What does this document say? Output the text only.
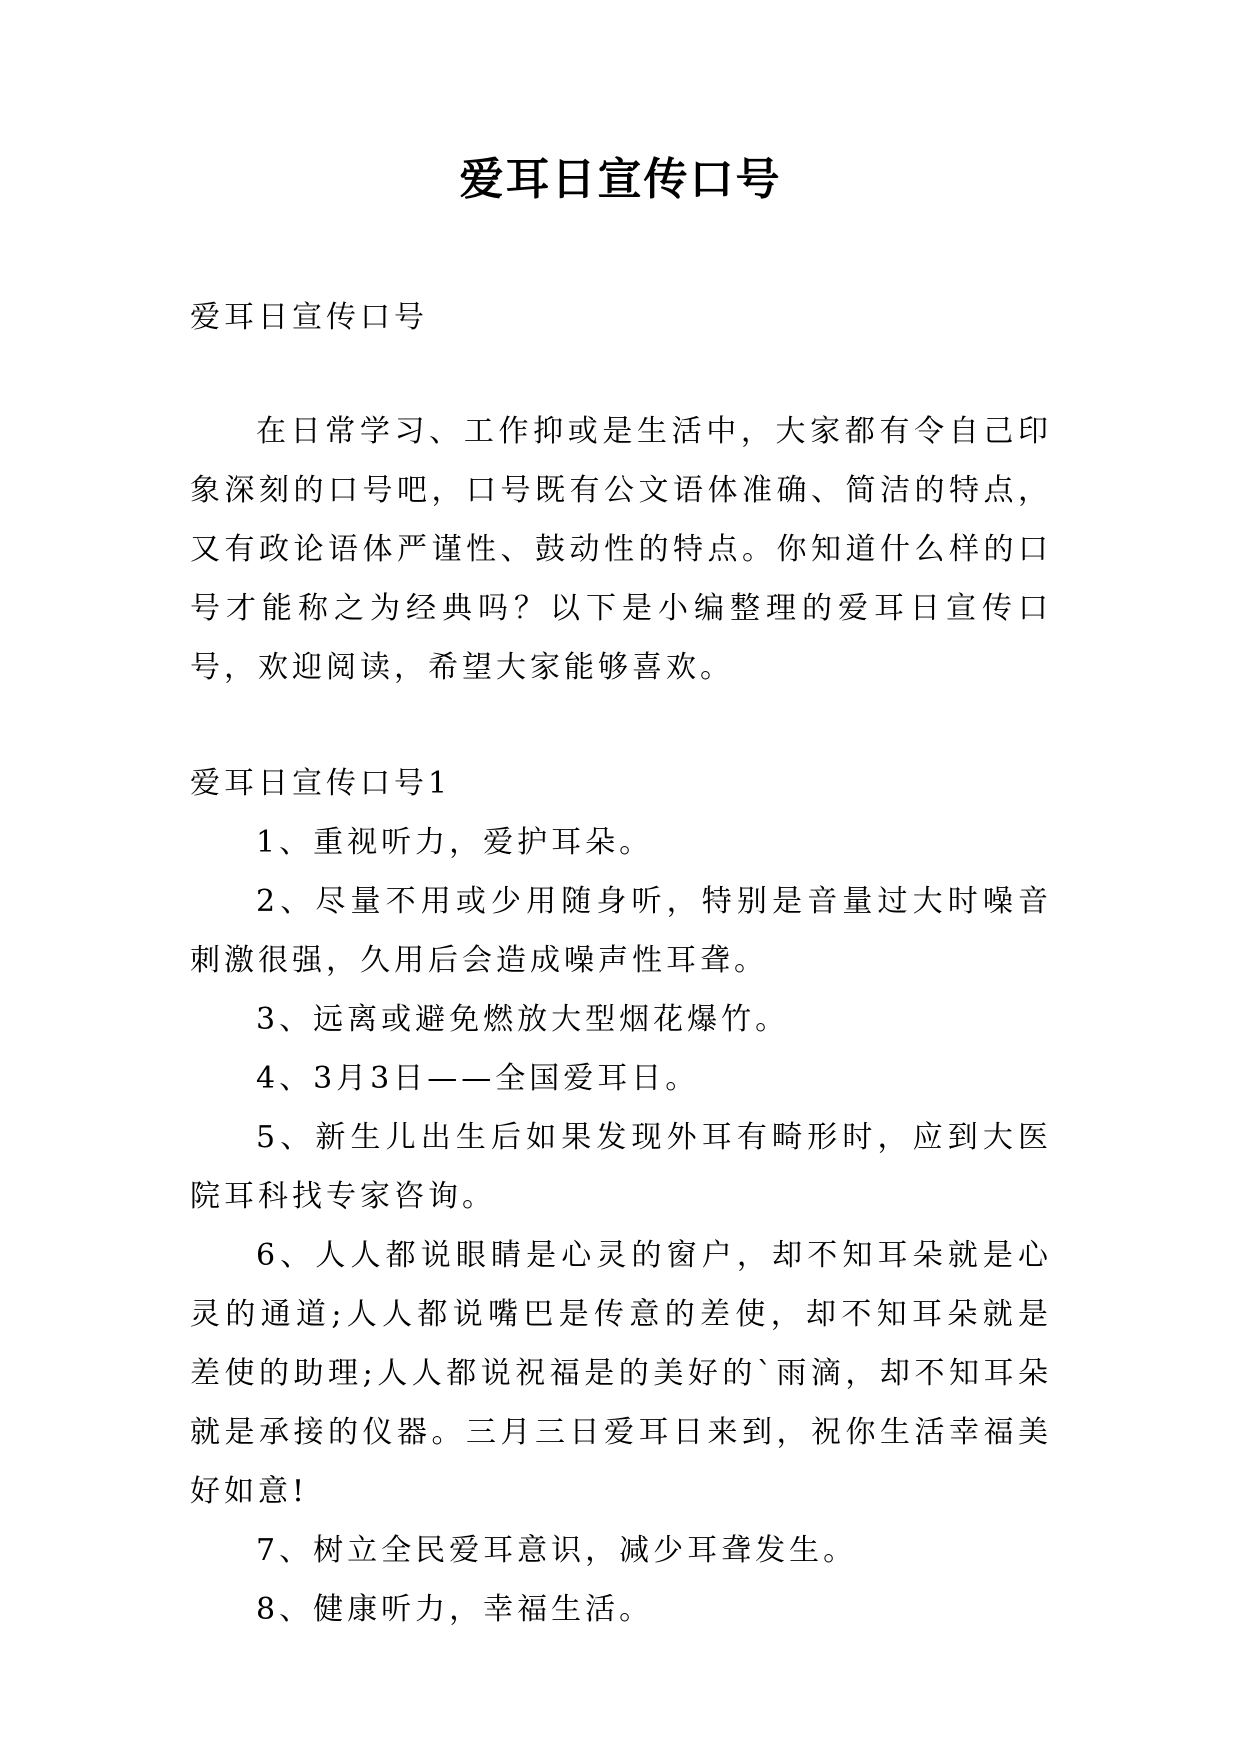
爱耳日宣传口号
爱耳日宣传口号
在日常学习、工作抑或是生活中，大家都有令自己印象深刻的口号吧，口号既有公文语体准确、简洁的特点，又有政论语体严谨性、鼓动性的特点。你知道什么样的口号才能称之为经典吗？以下是小编整理的爱耳日宣传口号，欢迎阅读，希望大家能够喜欢。
爱耳日宣传口号1
1、重视听力，爱护耳朵。
2、尽量不用或少用随身听，特别是音量过大时噪音刺激很强，久用后会造成噪声性耳聋。
3、远离或避免燃放大型烟花爆竹。
4、3月3日——全国爱耳日。
5、新生儿出生后如果发现外耳有畸形时，应到大医院耳科找专家咨询。
6、人人都说眼睛是心灵的窗户，却不知耳朵就是心灵的通道;人人都说嘴巴是传意的差使，却不知耳朵就是差使的助理;人人都说祝福是的美好的`雨滴，却不知耳朵就是承接的仪器。三月三日爱耳日来到，祝你生活幸福美好如意!
7、树立全民爱耳意识，减少耳聋发生。
8、健康听力，幸福生活。
